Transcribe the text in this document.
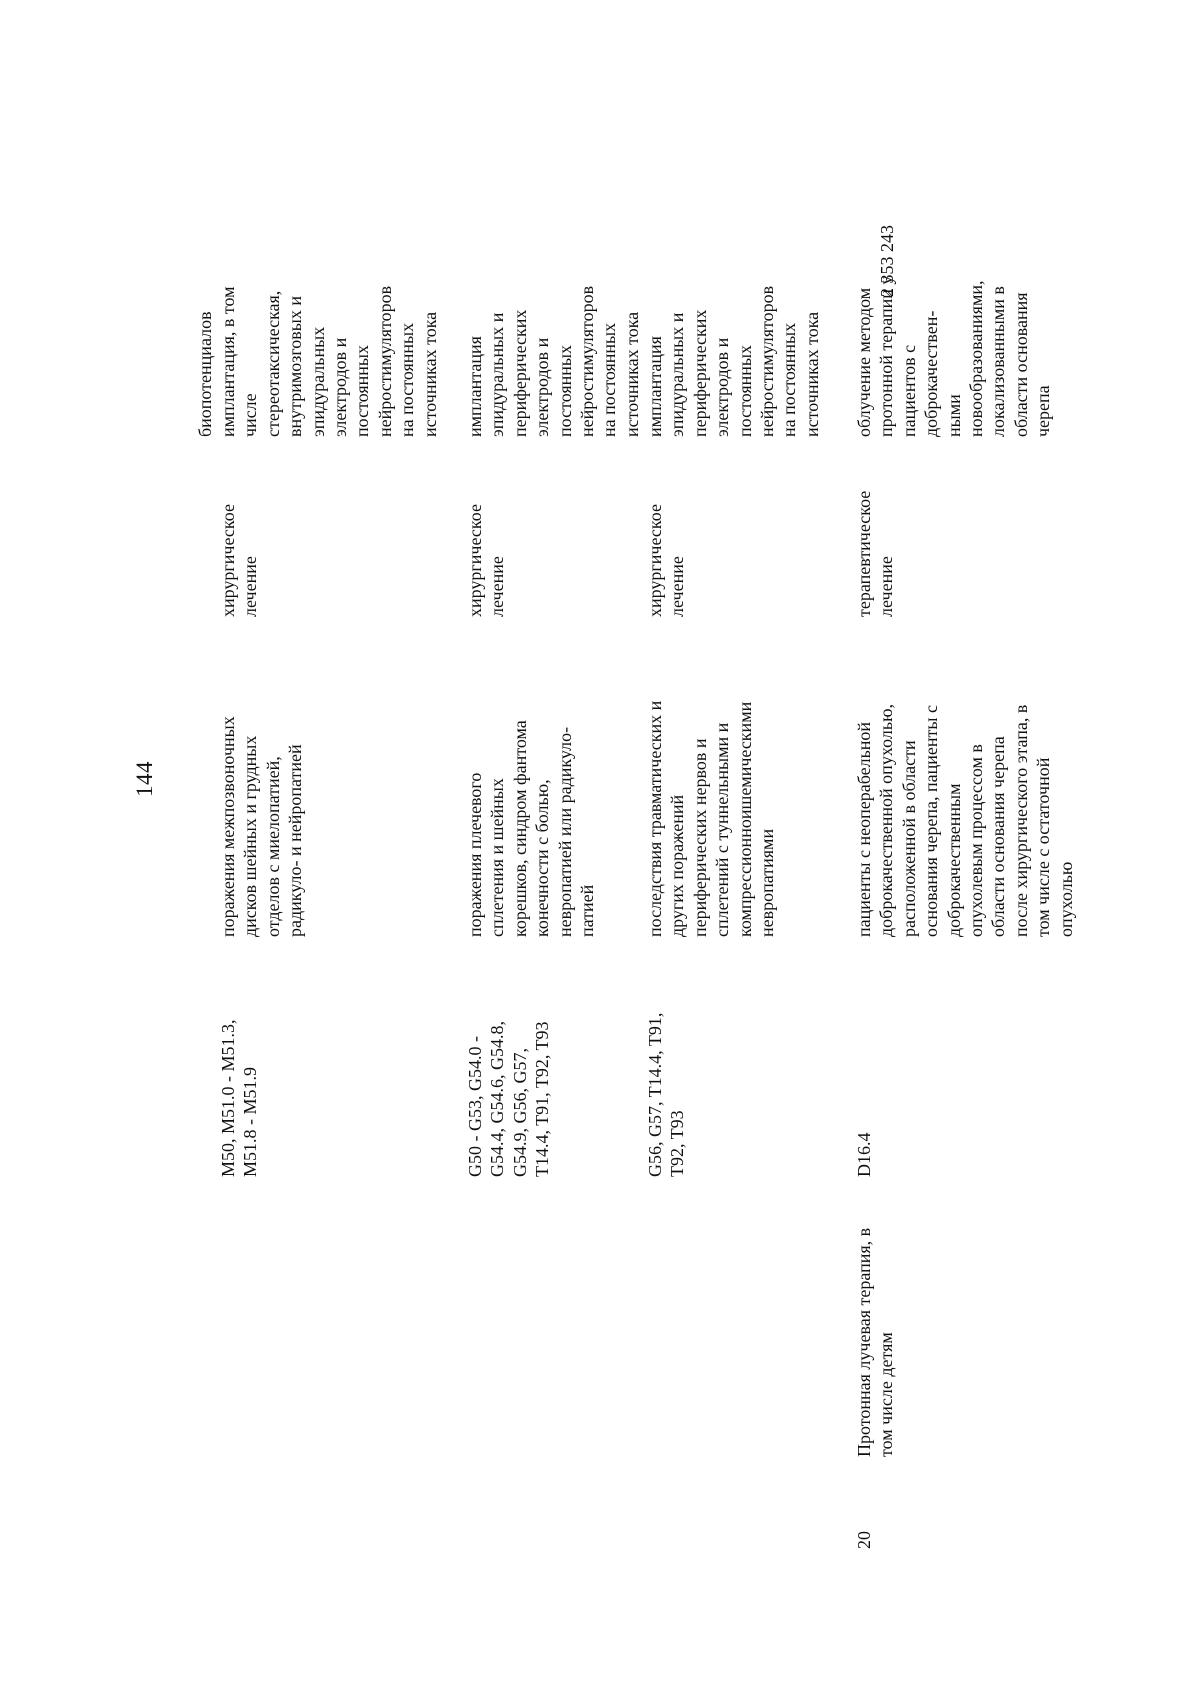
144
2 353 243
биопотенциалов
M50, M51.0 - M51.3,
M51.8 - M51.9
поражения межпозвоночных
дисков шейных и грудных
отделов с миелопатией,
радикуло- и нейропатией
хирургическое
лечение
имплантация, в том
числе
стереотаксическая,
внутримозговых и
эпидуральных
электродов и
постоянных
нейростимуляторов
на постоянных
источниках тока
G50 - G53, G54.0 -
G54.4, G54.6, G54.8,
G54.9, G56, G57,
T14.4, T91, T92, T93
поражения плечевого
сплетения и шейных
корешков, синдром фантома
конечности с болью,
невропатией или радикуло-
патией
хирургическое
лечение
имплантация
эпидуральных и
периферических
электродов и
постоянных
нейростимуляторов
на постоянных
источниках тока
G56, G57, T14.4, T91,
T92, T93
последствия травматических и
других поражений
периферических нервов и
сплетений с туннельными и
компрессионноишемическими
невропатиями
хирургическое
лечение
имплантация
эпидуральных и
периферических
электродов и
постоянных
нейростимуляторов
на постоянных
источниках тока
20
Протонная лучевая терапия, в
том числе детям
D16.4
пациенты с неоперабельной
доброкачественной опухолью,
расположенной в области
основания черепа, пациенты с
доброкачественным
опухолевым процессом в
области основания черепа
после хирургического этапа, в
том числе с остаточной
опухолью
терапевтическое
лечение
облучение методом
протонной терапии у
пациентов с
доброкачествен-
ными
новообразованиями,
локализованными в
области основания
черепа
